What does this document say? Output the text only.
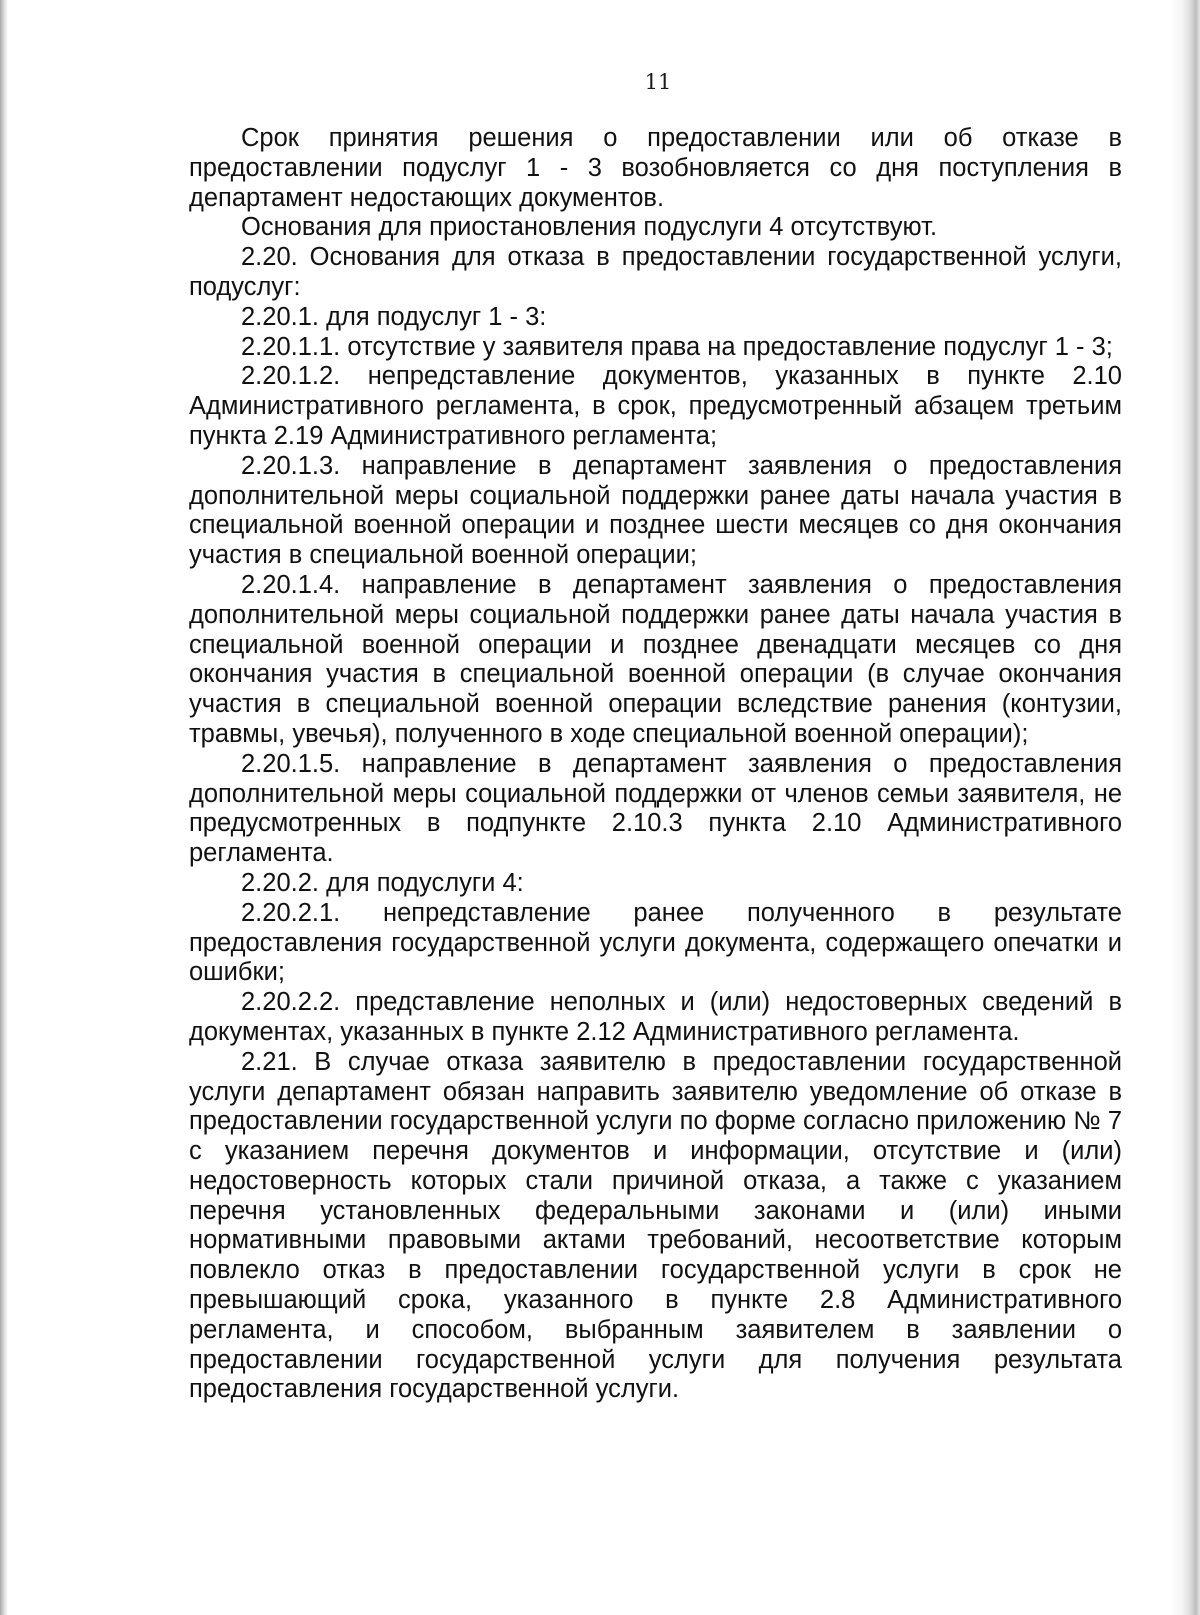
11

Срок принятия решения о предоставлении или об отказе в предоставлении подуслуг 1 - 3 возобновляется со дня поступления в департамент недостающих документов.

Основания для приостановления подуслуги 4 отсутствуют.

2.20. Основания для отказа в предоставлении государственной услуги, подуслуг:

2.20.1. для подуслуг 1 - 3:

2.20.1.1. отсутствие у заявителя права на предоставление подуслуг 1 - 3;

2.20.1.2. непредставление документов, указанных в пункте 2.10 Административного регламента, в срок, предусмотренный абзацем третьим пункта 2.19 Административного регламента;

2.20.1.3. направление в департамент заявления о предоставления дополнительной меры социальной поддержки ранее даты начала участия в специальной военной операции и позднее шести месяцев со дня окончания участия в специальной военной операции;

2.20.1.4. направление в департамент заявления о предоставления дополнительной меры социальной поддержки ранее даты начала участия в специальной военной операции и позднее двенадцати месяцев со дня окончания участия в специальной военной операции (в случае окончания участия в специальной военной операции вследствие ранения (контузии, травмы, увечья), полученного в ходе специальной военной операции);

2.20.1.5. направление в департамент заявления о предоставления дополнительной меры социальной поддержки от членов семьи заявителя, не предусмотренных в подпункте 2.10.3 пункта 2.10 Административного регламента.

2.20.2. для подуслуги 4:

2.20.2.1. непредставление ранее полученного в результате предоставления государственной услуги документа, содержащего опечатки и ошибки;

2.20.2.2. представление неполных и (или) недостоверных сведений в документах, указанных в пункте 2.12 Административного регламента.

2.21. В случае отказа заявителю в предоставлении государственной услуги департамент обязан направить заявителю уведомление об отказе в предоставлении государственной услуги по форме согласно приложению № 7 с указанием перечня документов и информации, отсутствие и (или) недостоверность которых стали причиной отказа, а также с указанием перечня установленных федеральными законами и (или) иными нормативными правовыми актами требований, несоответствие которым повлекло отказ в предоставлении государственной услуги в срок не превышающий срока, указанного в пункте 2.8 Административного регламента, и способом, выбранным заявителем в заявлении о предоставлении государственной услуги для получения результата предоставления государственной услуги.
